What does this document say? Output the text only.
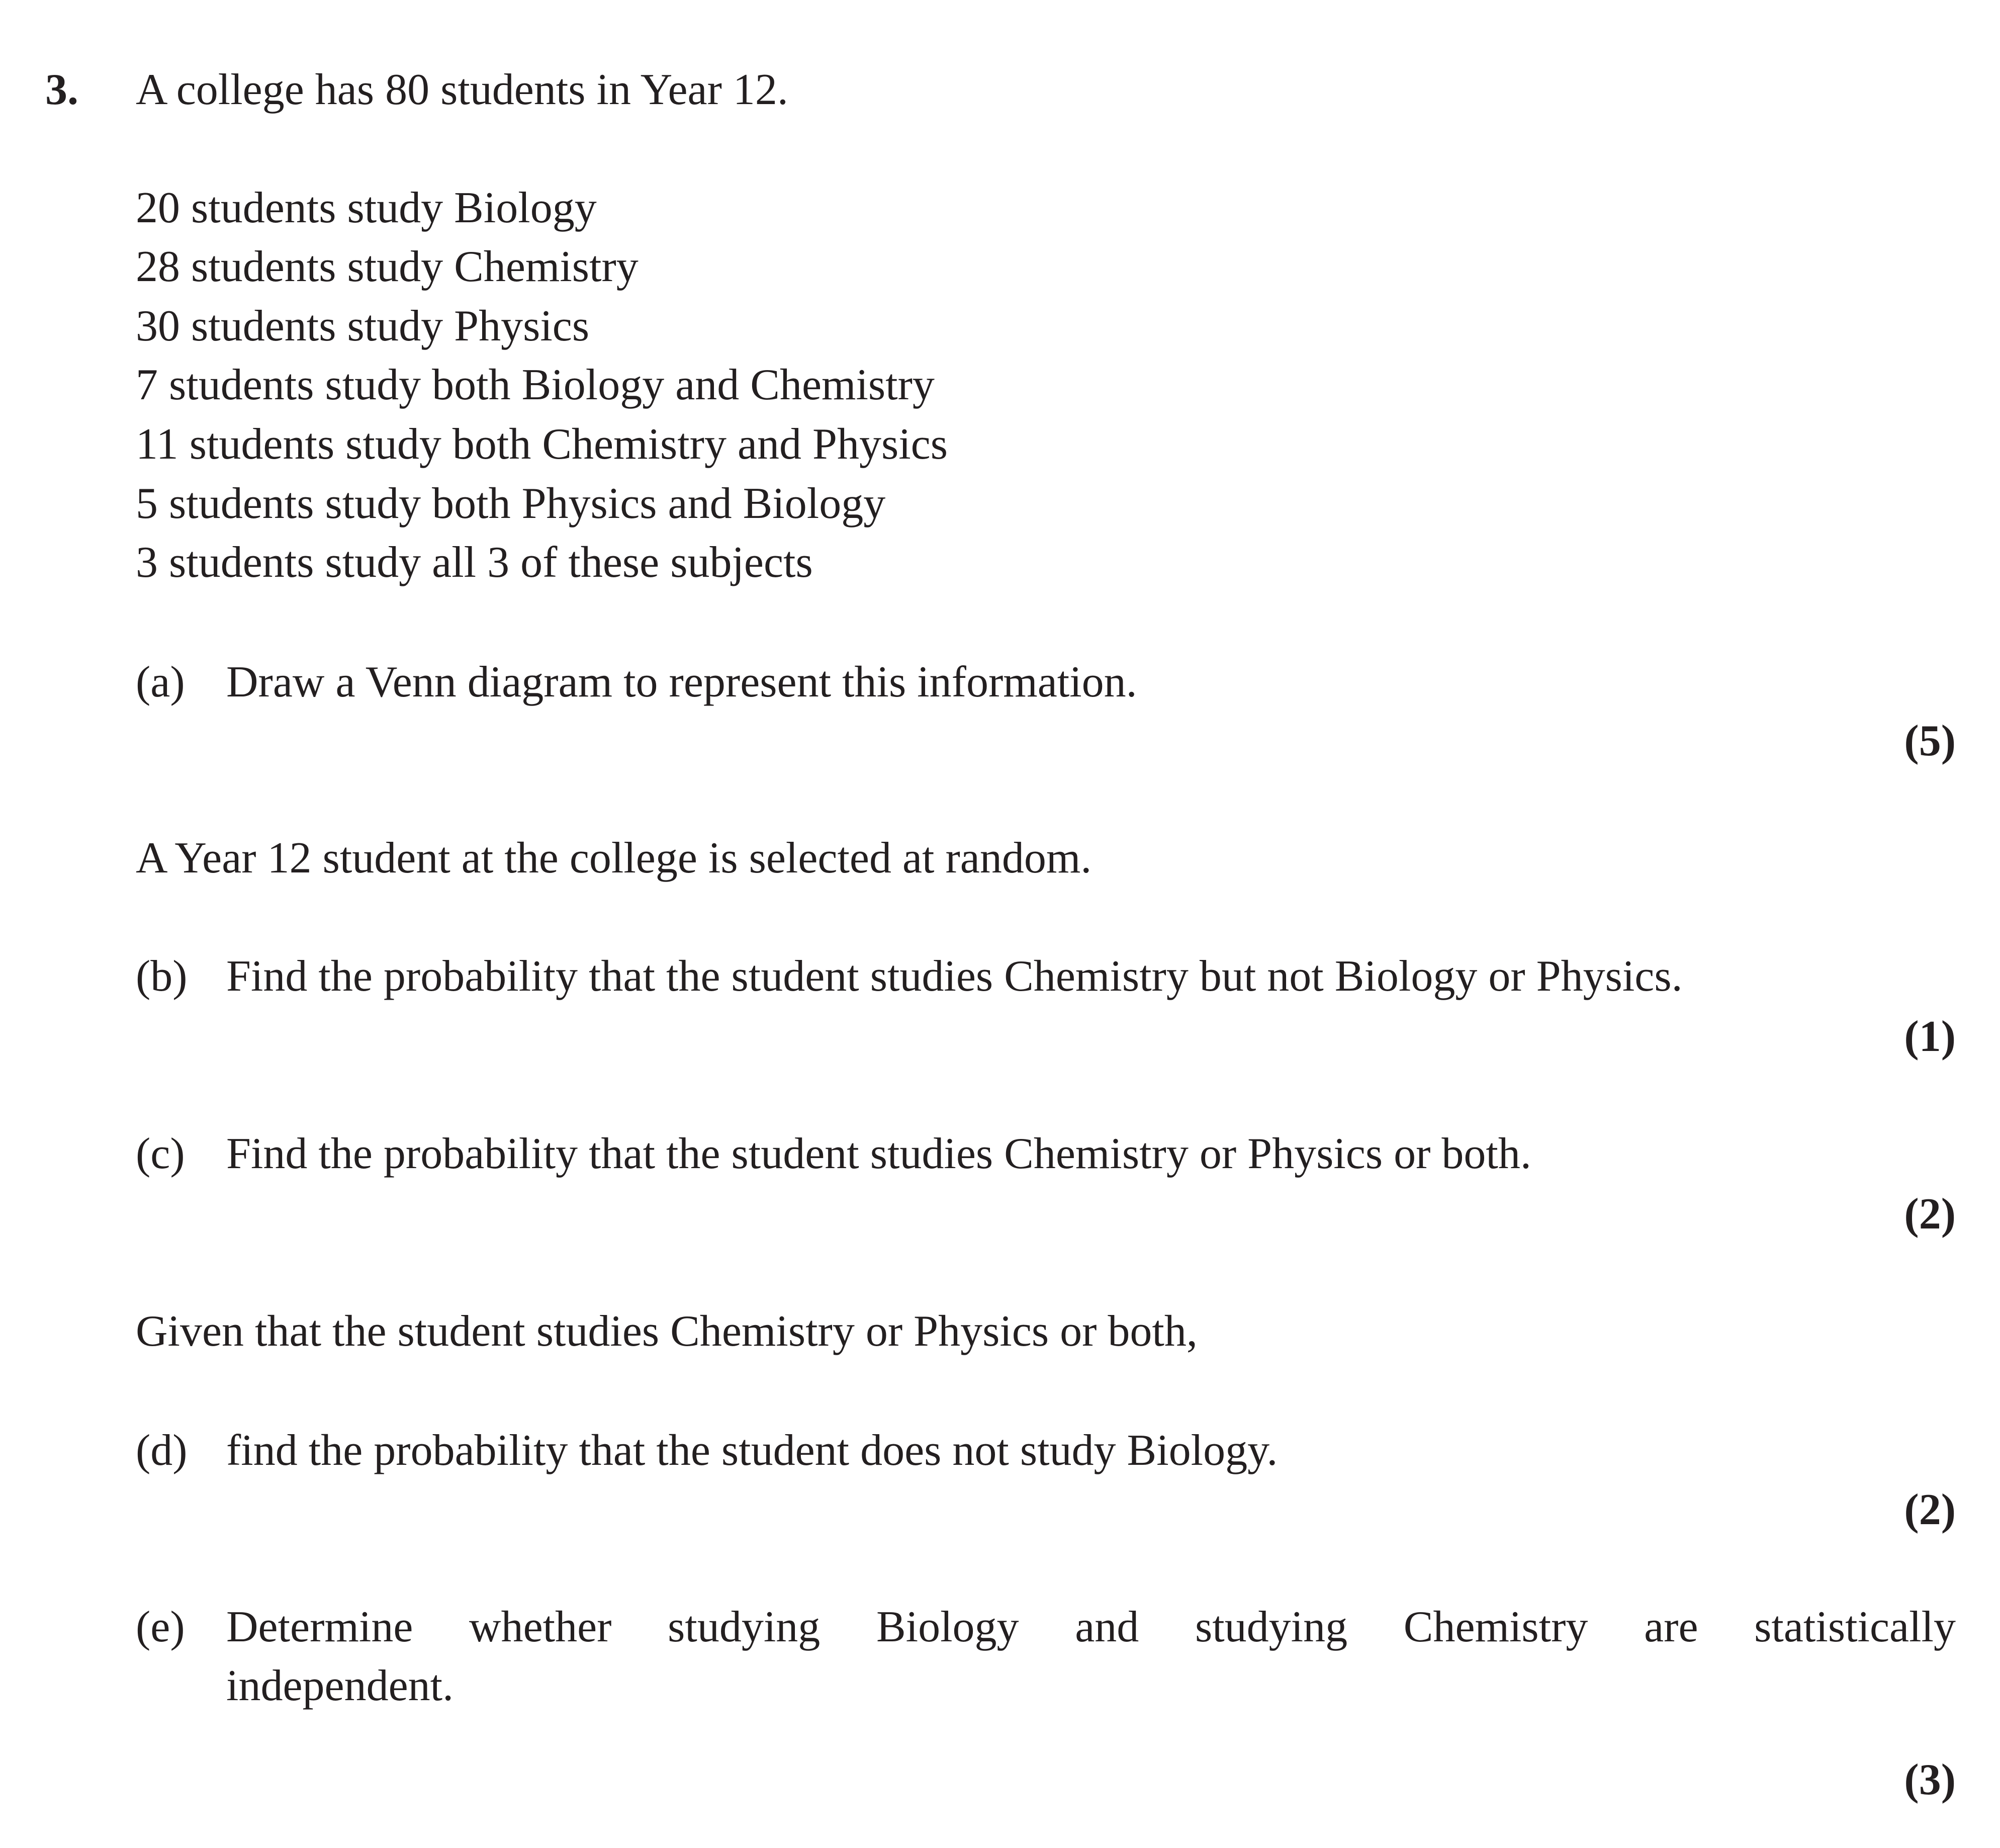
3. A college has 80 students in Year 12.
20 students study Biology
28 students study Chemistry
30 students study Physics
7 students study both Biology and Chemistry
11 students study both Chemistry and Physics
5 students study both Physics and Biology
3 students study all 3 of these subjects
(a) Draw a Venn diagram to represent this information.
(5)
A Year 12 student at the college is selected at random.
(b) Find the probability that the student studies Chemistry but not Biology or Physics.
(1)
(c) Find the probability that the student studies Chemistry or Physics or both.
(2)
Given that the student studies Chemistry or Physics or both,
(d) find the probability that the student does not study Biology.
(2)
(e) Determine whether studying Biology and studying Chemistry are statistically
independent.
(3)
